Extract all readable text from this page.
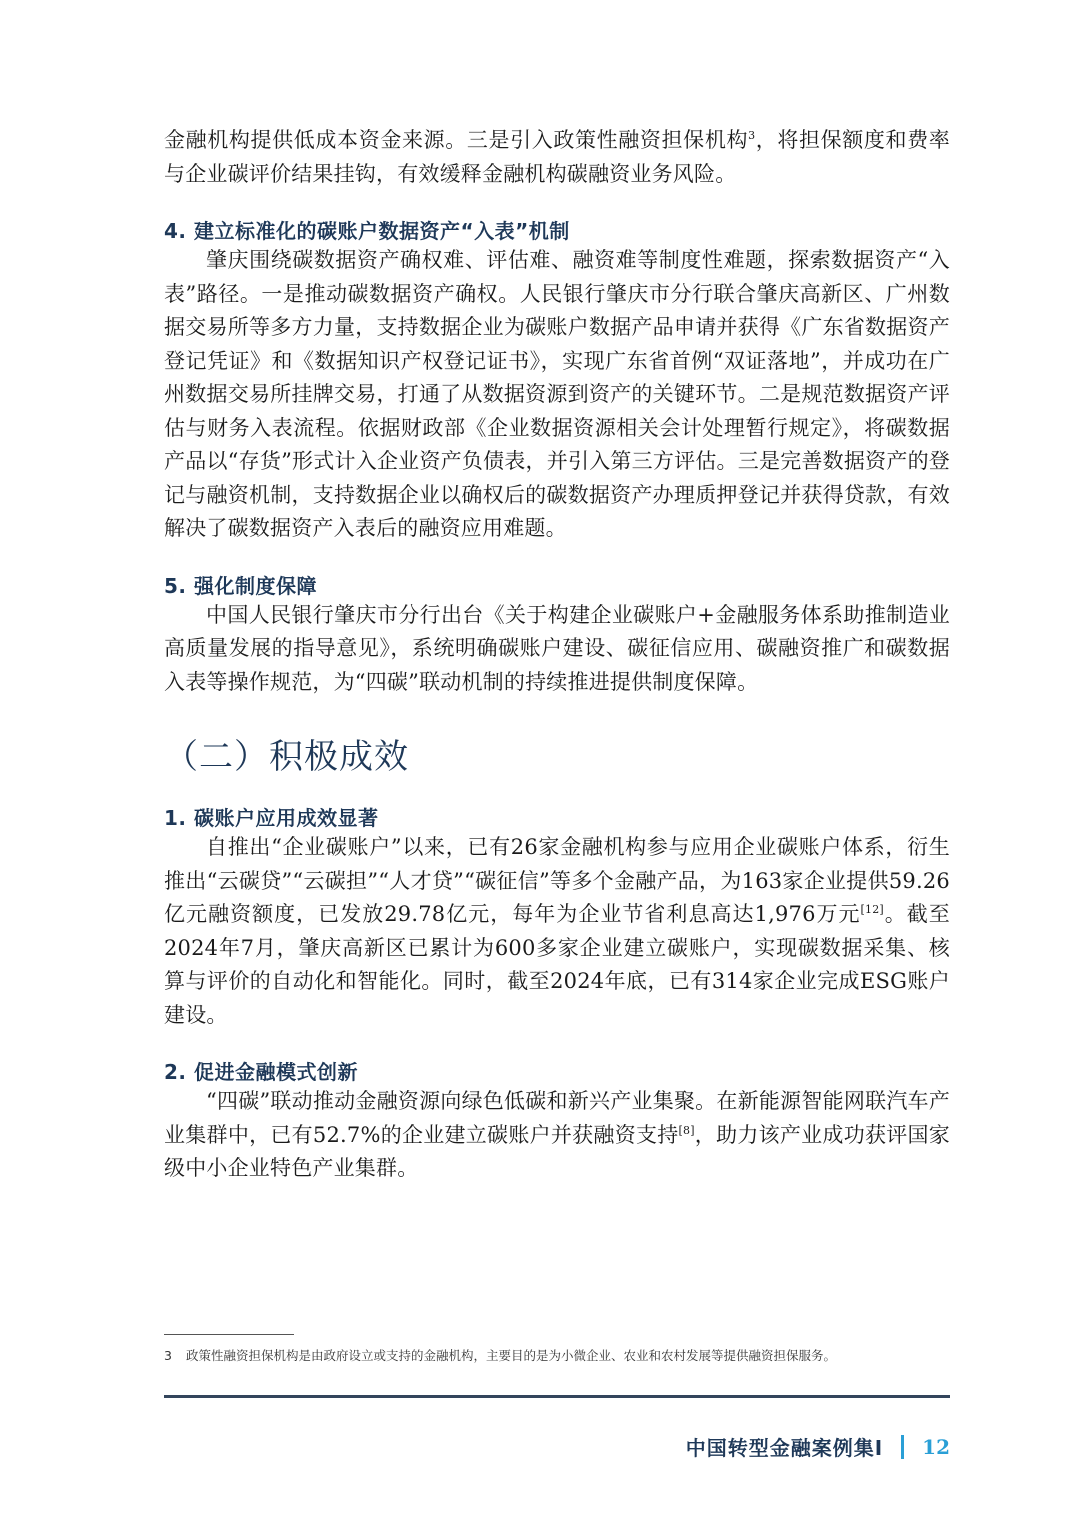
金融机构提供低成本资金来源。三是引入政策性融资担保机构$^3$，将担保额度和费率与企业碳评价结果挂钩，有效缓释金融机构碳融资业务风险。

4. 建立标准化的碳账户数据资产“入表”机制

肇庆围绕碳数据资产确权难、评估难、融资难等制度性难题，探索数据资产“入表”路径。一是推动碳数据资产确权。人民银行肇庆市分行联合肇庆高新区、广州数据交易所等多方力量，支持数据企业为碳账户数据产品申请并获得《广东省数据资产登记凭证》和《数据知识产权登记证书》，实现广东省首例“双证落地”，并成功在广州数据交易所挂牌交易，打通了从数据资源到资产的关键环节。二是规范数据资产评估与财务入表流程。依据财政部《企业数据资源相关会计处理暂行规定》，将碳数据产品以“存货”形式计入企业资产负债表，并引入第三方评估。三是完善数据资产的登记与融资机制，支持数据企业以确权后的碳数据资产办理质押登记并获得贷款，有效解决了碳数据资产入表后的融资应用难题。

5. 强化制度保障

中国人民银行肇庆市分行出台《关于构建企业碳账户+金融服务体系助推制造业高质量发展的指导意见》，系统明确碳账户建设、碳征信应用、碳融资推广和碳数据入表等操作规范，为“四碳”联动机制的持续推进提供制度保障。

（二）积极成效
1. 碳账户应用成效显著

自推出“企业碳账户”以来，已有26家金融机构参与应用企业碳账户体系，衍生推出“云碳贷”“云碳担”“人才贷”“碳征信”等多个金融产品，为163家企业提供59.26亿元融资额度，已发放29.78亿元，每年为企业节省利息高达1,976万元[12]。截至2024年7月，肇庆高新区已累计为600多家企业建立碳账户，实现碳数据采集、核算与评价的自动化和智能化。同时，截至2024年底，已有314家企业完成ESG账户建设。

2. 促进金融模式创新

“四碳”联动推动金融资源向绿色低碳和新兴产业集聚。在新能源智能网联汽车产业集群中，已有52.7%的企业建立碳账户并获融资支持[8]，助力该产业成功获评国家级中小企业特色产业集群。

3 政策性融资担保机构是由政府设立或支持的金融机构，主要目的是为小微企业、农业和农村发展等提供融资担保服务。
中国转型金融案例集Ⅰ 12
